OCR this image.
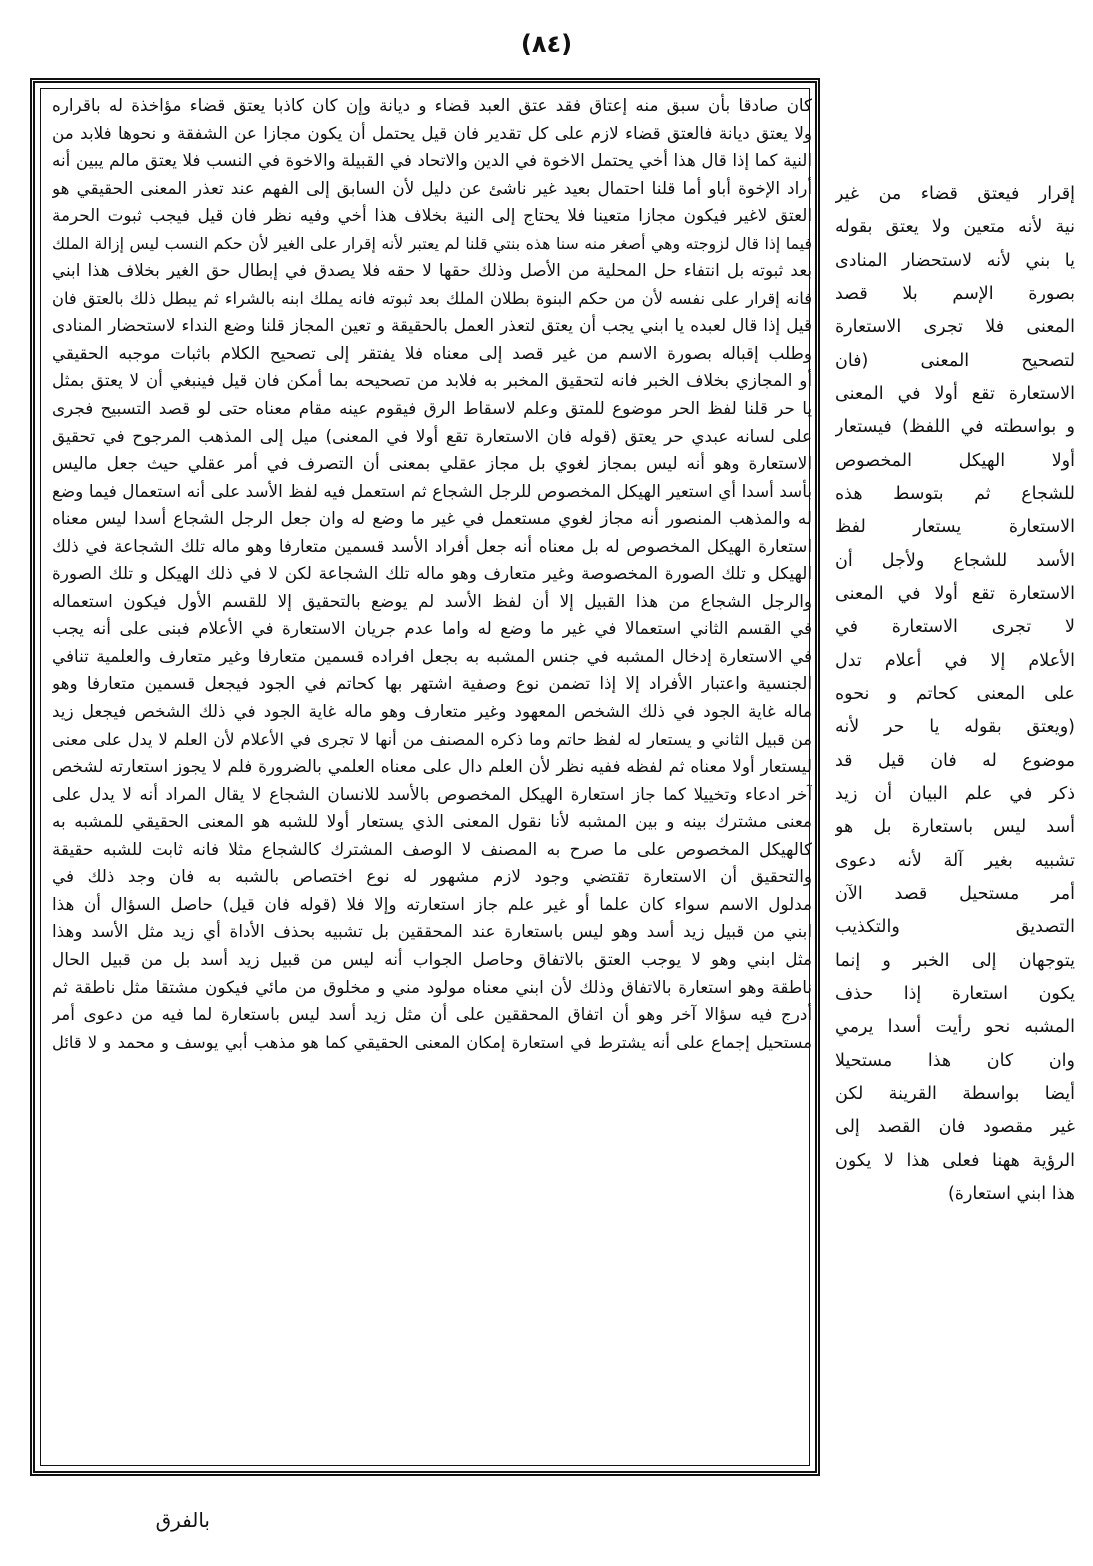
(٨٤)
كان صادقا بأن سبق منه إعتاق فقد عتق العبد قضاء و ديانة وإن كان كاذبا يعتق قضاء مؤاخذة له باقراره
ولا يعتق ديانة فالعتق قضاء لازم على كل تقدير فان قيل يحتمل أن يكون مجازا عن الشفقة و نحوها فلابد من
النية كما إذا قال هذا أخي يحتمل الاخوة في الدين والاتحاد في القبيلة والاخوة في النسب فلا يعتق مالم يبين أنه
أراد الإخوة أباو أما قلنا احتمال بعيد غير ناشئ عن دليل لأن السابق إلى الفهم عند تعذر المعنى الحقيقي هو
العتق لاغير فيكون مجازا متعينا فلا يحتاج إلى النية بخلاف هذا أخي وفيه نظر فان قيل فيجب ثبوت الحرمة
فيما إذا قال لزوجته وهي أصغر منه سنا هذه بنتي قلنا لم يعتبر لأنه إقرار على الغير لأن حكم النسب ليس إزالة الملك
بعد ثبوته بل انتفاء حل المحلية من الأصل وذلك حقها لا حقه فلا يصدق في إبطال حق الغير بخلاف هذا ابني
فانه إقرار على نفسه لأن من حكم البنوة بطلان الملك بعد ثبوته فانه يملك ابنه بالشراء ثم يبطل ذلك بالعتق فان
قيل إذا قال لعبده يا ابني يجب أن يعتق لتعذر العمل بالحقيقة و تعين المجاز قلنا وضع النداء لاستحضار المنادى
وطلب إقباله بصورة الاسم من غير قصد إلى معناه فلا يفتقر إلى تصحيح الكلام باثبات موجبه الحقيقي
أو المجازي بخلاف الخبر فانه لتحقيق المخبر به فلابد من تصحيحه بما أمكن فان قيل فينبغي أن لا يعتق بمثل
يا حر قلنا لفظ الحر موضوع للمتق وعلم لاسقاط الرق فيقوم عينه مقام معناه حتى لو قصد التسبيح فجرى
على لسانه عبدي حر يعتق (قوله فان الاستعارة تقع أولا في المعنى) ميل إلى المذهب المرجوح في تحقيق
الاستعارة وهو أنه ليس بمجاز لغوي بل مجاز عقلي بمعنى أن التصرف في أمر عقلي حيث جعل ماليس
بأسد أسدا أي استعير الهيكل المخصوص للرجل الشجاع ثم استعمل فيه لفظ الأسد على أنه استعمال فيما وضع
له والمذهب المنصور أنه مجاز لغوي مستعمل في غير ما وضع له وان جعل الرجل الشجاع أسدا ليس معناه
استعارة الهيكل المخصوص له بل معناه أنه جعل أفراد الأسد قسمين متعارفا وهو ماله تلك الشجاعة في ذلك
الهيكل و تلك الصورة المخصوصة وغير متعارف وهو ماله تلك الشجاعة لكن لا في ذلك الهيكل و تلك الصورة
والرجل الشجاع من هذا القبيل إلا أن لفظ الأسد لم يوضع بالتحقيق إلا للقسم الأول فيكون استعماله
في القسم الثاني استعمالا في غير ما وضع له واما عدم جريان الاستعارة في الأعلام فبنى على أنه يجب
في الاستعارة إدخال المشبه في جنس المشبه به بجعل افراده قسمين متعارفا وغير متعارف والعلمية تنافي
الجنسية واعتبار الأفراد إلا إذا تضمن نوع وصفية اشتهر بها كحاتم في الجود فيجعل قسمين متعارفا وهو
ماله غاية الجود في ذلك الشخص المعهود وغير متعارف وهو ماله غاية الجود في ذلك الشخص فيجعل زيد
من قبيل الثاني و يستعار له لفظ حاتم وما ذكره المصنف من أنها لا تجرى في الأعلام لأن العلم لا يدل على معنى
ليستعار أولا معناه ثم لفظه ففيه نظر لأن العلم دال على معناه العلمي بالضرورة فلم لا يجوز استعارته لشخص
آخر ادعاء وتخييلا كما جاز استعارة الهيكل المخصوص بالأسد للانسان الشجاع لا يقال المراد أنه لا يدل على
معنى مشترك بينه و بين المشبه لأنا نقول المعنى الذي يستعار أولا للشبه هو المعنى الحقيقي للمشبه به
كالهيكل المخصوص على ما صرح به المصنف لا الوصف المشترك كالشجاع مثلا فانه ثابت للشبه حقيقة
والتحقيق أن الاستعارة تقتضي وجود لازم مشهور له نوع اختصاص بالشبه به فان وجد ذلك في
مدلول الاسم سواء كان علما أو غير علم جاز استعارته وإلا فلا (قوله فان قيل) حاصل السؤال أن هذا
ابني من قبيل زيد أسد وهو ليس باستعارة عند المحققين بل تشبيه بحذف الأداة أي زيد مثل الأسد وهذا
مثل ابني وهو لا يوجب العتق بالاتفاق وحاصل الجواب أنه ليس من قبيل زيد أسد بل من قبيل الحال
ناطقة وهو استعارة بالاتفاق وذلك لأن ابني معناه مولود مني و مخلوق من مائي فيكون مشتقا مثل ناطقة ثم
أدرج فيه سؤالا آخر وهو أن اتفاق المحققين على أن مثل زيد أسد ليس باستعارة لما فيه من دعوى أمر
مستحيل إجماع على أنه يشترط في استعارة إمكان المعنى الحقيقي كما هو مذهب أبي يوسف و محمد و لا قائل
إقرار فيعتق قضاء من غير
نية لأنه متعين ولا يعتق بقوله
يا بني لأنه لاستحضار المنادى
بصورة الإسم بلا قصد
المعنى فلا تجرى الاستعارة
لتصحيح المعنى (فان
الاستعارة تقع أولا في المعنى
و بواسطته في اللفظ) فيستعار
أولا الهيكل المخصوص
للشجاع ثم بتوسط هذه
الاستعارة يستعار لفظ
الأسد للشجاع ولأجل أن
الاستعارة تقع أولا في المعنى
لا تجرى الاستعارة في
الأعلام إلا في أعلام تدل
على المعنى كحاتم و نحوه
(ويعتق بقوله يا حر لأنه
موضوع له فان قيل قد
ذكر في علم البيان أن زيد
أسد ليس باستعارة بل هو
تشبيه بغير آلة لأنه دعوى
أمر مستحيل قصد الآن
التصديق والتكذيب
يتوجهان إلى الخبر و إنما
يكون استعارة إذا حذف
المشبه نحو رأيت أسدا يرمي
وان كان هذا مستحيلا
أيضا بواسطة القرينة لكن
غير مقصود فان القصد إلى
الرؤية ههنا فعلى هذا لا يكون
هذا ابني استعارة)
بالفرق
